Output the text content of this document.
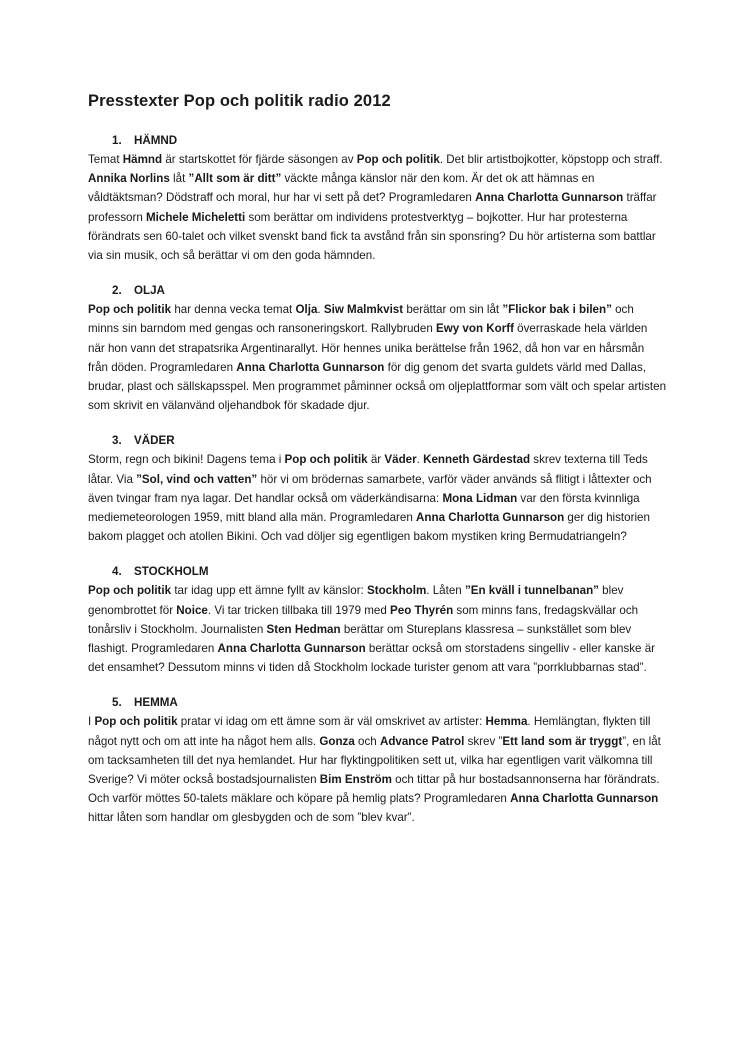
Presstexter Pop och politik radio 2012
1.	HÄMND

Temat Hämnd är startskottet för fjärde säsongen av Pop och politik. Det blir artistbojkotter, köpstopp och straff. Annika Norlins låt ”Allt som är ditt” väckte många känslor när den kom. Är det ok att hämnas en våldtäktsman? Dödstraff och moral, hur har vi sett på det? Programledaren Anna Charlotta Gunnarson träffar professorn Michele Micheletti som berättar om individens protestverktyg – bojkotter. Hur har protesterna förändrats sen 60-talet och vilket svenskt band fick ta avstånd från sin sponsring? Du hör artisterna som battlar via sin musik, och så berättar vi om den goda hämnden.

2.	OLJA

Pop och politik har denna vecka temat Olja. Siw Malmkvist berättar om sin låt ”Flickor bak i bilen” och minns sin barndom med gengas och ransoneringskort. Rallybruden Ewy von Korff överraskade hela världen när hon vann det strapatsrika Argentinarallyt. Hör hennes unika berättelse från 1962, då hon var en hårsmån från döden. Programledaren Anna Charlotta Gunnarson för dig genom det svarta guldets värld med Dallas, brudar, plast och sällskapsspel. Men programmet påminner också om oljeplattformar som vält och spelar artisten som skrivit en välanvänd oljehandbok för skadade djur.

3.	VÄDER

Storm, regn och bikini! Dagens tema i Pop och politik är Väder. Kenneth Gärdestad skrev texterna till Teds låtar. Via ”Sol, vind och vatten” hör vi om brödernas samarbete, varför väder används så flitigt i låttexter och även tvingar fram nya lagar. Det handlar också om väderkändisarna: Mona Lidman var den första kvinnliga mediemeteorologen 1959, mitt bland alla män. Programledaren Anna Charlotta Gunnarson ger dig historien bakom plagget och atollen Bikini. Och vad döljer sig egentligen bakom mystiken kring Bermudatriangeln?

4.	STOCKHOLM

Pop och politik tar idag upp ett ämne fyllt av känslor: Stockholm. Låten ”En kväll i tunnelbanan” blev genombrottet för Noice. Vi tar tricken tillbaka till 1979 med Peo Thyrén som minns fans, fredagskvällar och tonårsliv i Stockholm. Journalisten Sten Hedman berättar om Stureplans klassresa – sunkstället som blev flashigt. Programledaren Anna Charlotta Gunnarson berättar också om storstadens singelliv - eller kanske är det ensamhet? Dessutom minns vi tiden då Stockholm lockade turister genom att vara ”porrklubbarnas stad”.

5.	HEMMA

I Pop och politik pratar vi idag om ett ämne som är väl omskrivet av artister: Hemma. Hemlängtan, flykten till något nytt och om att inte ha något hem alls. Gonza och Advance Patrol skrev ”Ett land som är tryggt”, en låt om tacksamheten till det nya hemlandet. Hur har flyktingpolitiken sett ut, vilka har egentligen varit välkomna till Sverige? Vi möter också bostadsjournalisten Bim Enström och tittar på hur bostadsannonserna har förändrats. Och varför möttes 50-talets mäklare och köpare på hemlig plats? Programledaren Anna Charlotta Gunnarson hittar låten som handlar om glesbygden och de som ”blev kvar”.
